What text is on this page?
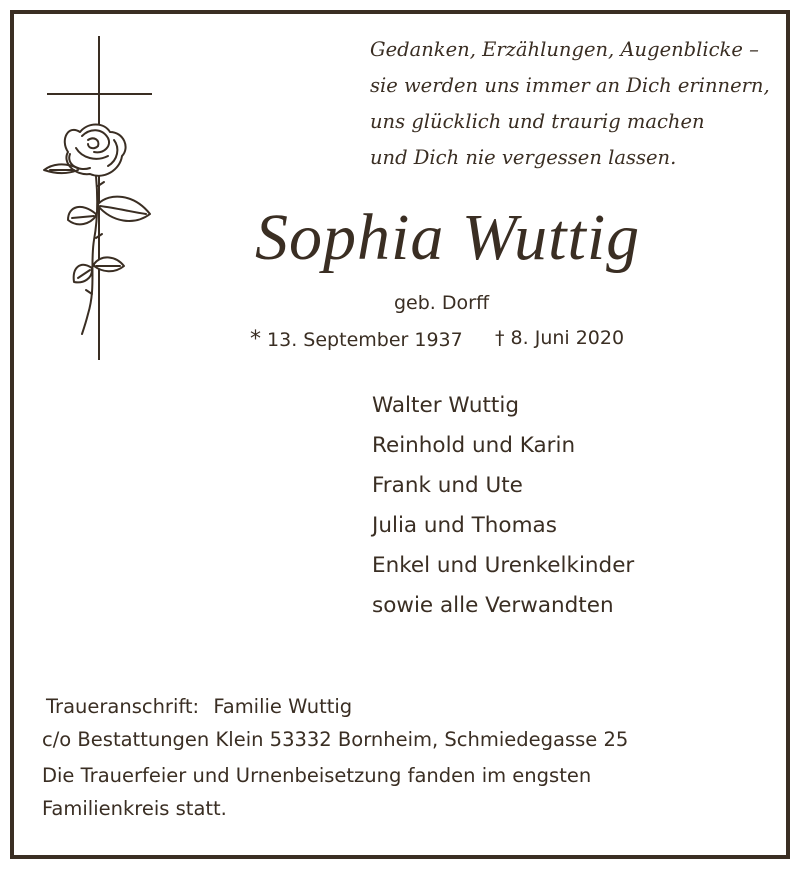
Gedanken, Erzählungen, Augenblicke –
sie werden uns immer an Dich erinnern,
uns glücklich und traurig machen
und Dich nie vergessen lassen.
Sophia Wuttig
geb. Dorff
* 13. September 1937 † 8. Juni 2020
Walter Wuttig
Reinhold und Karin
Frank und Ute
Julia und Thomas
Enkel und Urenkelkinder
sowie alle Verwandten
Traueranschrift: Familie Wuttig
c/o Bestattungen Klein 53332 Bornheim, Schmiedegasse 25
Die Trauerfeier und Urnenbeisetzung fanden im engsten
Familienkreis statt.
